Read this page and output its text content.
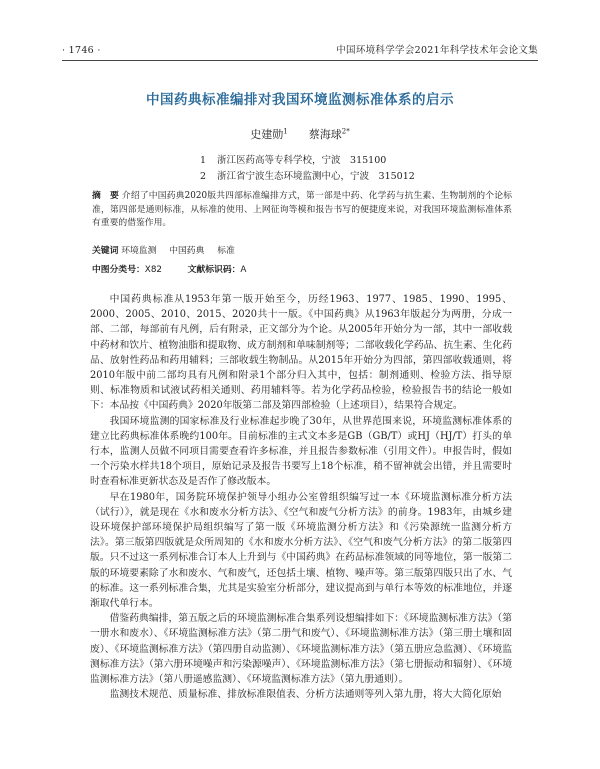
· 1746 ·	中国环境科学学会2021年科学技术年会论文集
中国药典标准编排对我国环境监测标准体系的启示
史建勋$^1$ 蔡海球$^{2*}$
1 浙江医药高等专科学校，宁波　315100
2 浙江省宁波生态环境监测中心，宁波　315012
摘　要 介绍了中国药典2020版共四部标准编排方式，第一部是中药、化学药与抗生素、生物制剂的个论标准，第四部是通则标准，从标准的使用、上网征询等模和报告书写的便捷度来说，对我国环境监测标准体系有重要的借鉴作用。
关键词 环境监测 中国药典 标准
中图分类号：X82	文献标识码：A

中国药典标准从1953年第一版开始至今，历经1963、1977、1985、1990、1995、2000、2005、2010、2015、2020共十一版。《中国药典》从1963年版起分为两册，分成一部、二部，每部前有凡例，后有附录，正文部分为个论。从2005年开始分为一部，其中一部收载中药材和饮片、植物油脂和提取物、成方制剂和单味制剂等；二部收载化学药品、抗生素、生化药品、放射性药品和药用辅料；三部收载生物制品。从2015年开始分为四部，第四部收载通则，将2010年版中前二部均具有凡例和附录1个部分归入其中，包括：制剂通则、检验方法、指导原则、标准物质和试液试药相关通则、药用辅料等。若为化学药品检验，检验报告书的结论一般如下：本品按《中国药典》2020年版第二部及第四部检验（上述项目），结果符合规定。

我国环境监测的国家标准及行业标准起步晚了30年，从世界范围来说，环境监测标准体系的建立比药典标准体系晚约100年。目前标准的主式文本多是GB（GB/T）或HJ（HJ/T）打头的单行本，监测人员做不同项目需要查看许多标准，并且报告参数标准（引用文件）。申报告时，假如一个污染水样共18个项目，原始记录及报告书要写上18个标准，稍不留神就会出错，并且需要时时查看标准更新状态及是否作了修改版本。

早在1980年，国务院环境保护领导小组办公室曾组织编写过一本《环境监测标准分析方法（试行）》，就是现在《水和废水分析方法》、《空气和废气分析方法》的前身。1983年，由城乡建设环境保护部环境保护局组织编写了第一版《环境监测分析方法》和《污染源统一监测分析方法》。第三版第四版就是众所周知的《水和废水分析方法》、《空气和废气分析方法》的第二版第四版。只不过这一系列标准合订本人上升到与《中国药典》在药品标准领域的同等地位，第一版第二版的环境要素除了水和废水、气和废气，还包括土壤、植物、噪声等。第三版第四版只出了水、气的标准。这一系列标准合集，尤其是实验室分析部分，建议提高到与单行本等效的标准地位，并逐渐取代单行本。

借鉴药典编排，第五版之后的环境监测标准合集系列设想编排如下：《环境监测标准方法》（第一册水和废水）、《环境监测标准方法》（第二册气和废气）、《环境监测标准方法》（第三册土壤和固废）、《环境监测标准方法》（第四册自动监测）、《环境监测标准方法》（第五册应急监测）、《环境监测标准方法》（第六册环境噪声和污染源噪声）、《环境监测标准方法》（第七册振动和辐射）、《环境监测标准方法》（第八册遥感监测）、《环境监测标准方法》（第九册通则）。

监测技术规范、质量标准、排放标准限值表、分析方法通则等列入第九册，将大大简化原始
